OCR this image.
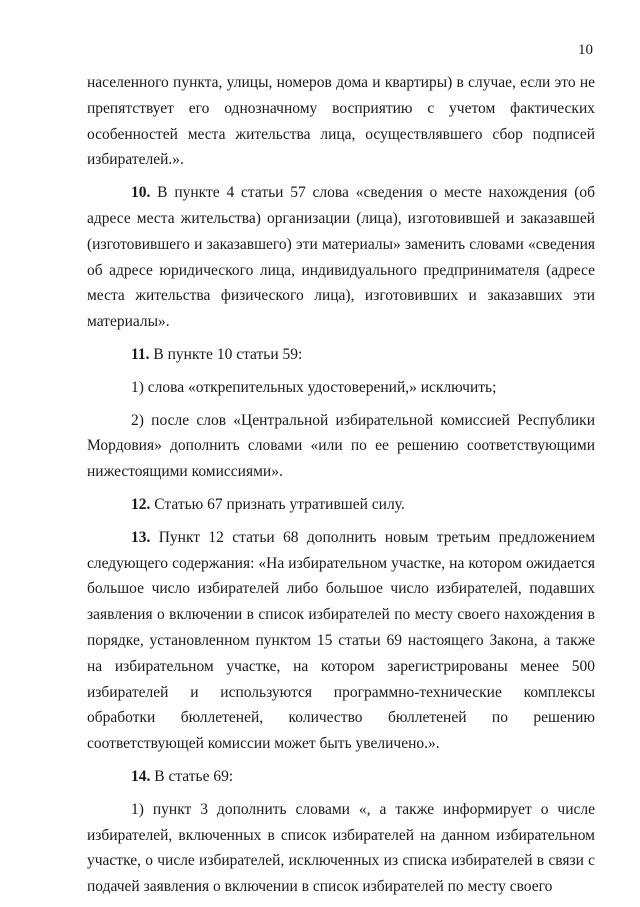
10

населенного пункта, улицы, номеров дома и квартиры) в случае, если это не препятствует его однозначному восприятию с учетом фактических особенностей места жительства лица, осуществлявшего сбор подписей избирателей.».

10. В пункте 4 статьи 57 слова «сведения о месте нахождения (об адресе места жительства) организации (лица), изготовившей и заказавшей (изготовившего и заказавшего) эти материалы» заменить словами «сведения об адресе юридического лица, индивидуального предпринимателя (адресе места жительства физического лица), изготовивших и заказавших эти материалы».

11. В пункте 10 статьи 59:

1) слова «открепительных удостоверений,» исключить;

2) после слов «Центральной избирательной комиссией Республики Мордовия» дополнить словами «или по ее решению соответствующими нижестоящими комиссиями».

12. Статью 67 признать утратившей силу.

13. Пункт 12 статьи 68 дополнить новым третьим предложением следующего содержания: «На избирательном участке, на котором ожидается большое число избирателей либо большое число избирателей, подавших заявления о включении в список избирателей по месту своего нахождения в порядке, установленном пунктом 15 статьи 69 настоящего Закона, а также на избирательном участке, на котором зарегистрированы менее 500 избирателей и используются программно-технические комплексы обработки бюллетеней, количество бюллетеней по решению соответствующей комиссии может быть увеличено.».

14. В статье 69:

1) пункт 3 дополнить словами «, а также информирует о числе избирателей, включенных в список избирателей на данном избирательном участке, о числе избирателей, исключенных из списка избирателей в связи с подачей заявления о включении в список избирателей по месту своего
